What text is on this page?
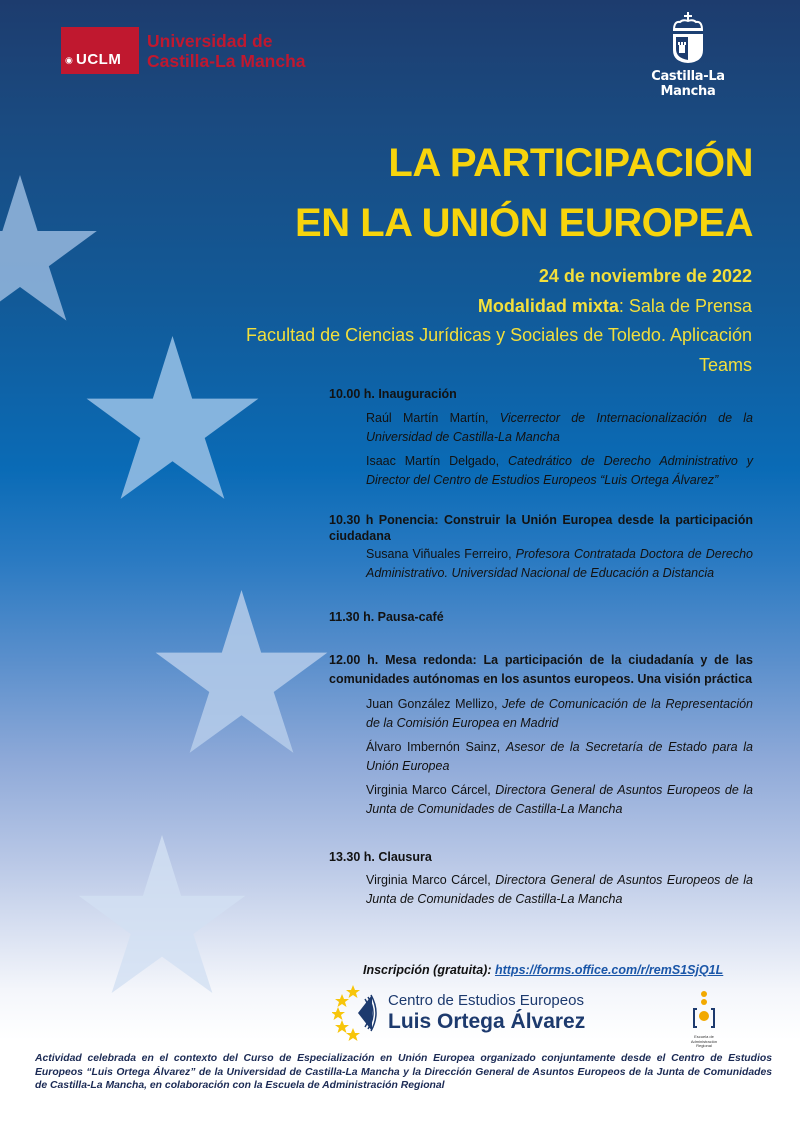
◉ UCLM
Universidad de
Castilla-La Mancha
Castilla-La Mancha
LA PARTICIPACIÓN
EN LA UNIÓN EUROPEA
24 de noviembre de 2022
Modalidad mixta: Sala de Prensa
Facultad de Ciencias Jurídicas y Sociales de Toledo. Aplicación
Teams
10.00 h. Inauguración
Raúl Martín Martín, Vicerrector de Internacionalización de la Universidad de Castilla-La Mancha
Isaac Martín Delgado, Catedrático de Derecho Administrativo y Director del Centro de Estudios Europeos “Luis Ortega Álvarez”
10.30 h Ponencia: Construir la Unión Europea desde la participación ciudadana
Susana Viñuales Ferreiro, Profesora Contratada Doctora de Derecho Administrativo. Universidad Nacional de Educación a Distancia
11.30 h. Pausa-café
12.00 h. Mesa redonda: La participación de la ciudadanía y de las comunidades autónomas en los asuntos europeos. Una visión práctica
Juan González Mellizo, Jefe de Comunicación de la Representación de la Comisión Europea en Madrid
Álvaro Imbernón Sainz, Asesor de la Secretaría de Estado para la Unión Europea
Virginia Marco Cárcel, Directora General de Asuntos Europeos de la Junta de Comunidades de Castilla-La Mancha
13.30 h. Clausura
Virginia Marco Cárcel, Directora General de Asuntos Europeos de la Junta de Comunidades de Castilla-La Mancha
Inscripción (gratuita): https://forms.office.com/r/remS1SjQ1L
Centro de Estudios Europeos
Luis Ortega Álvarez
Escuela de
Administración
Regional
Actividad celebrada en el contexto del Curso de Especialización en Unión Europea organizado conjuntamente desde el Centro de Estudios Europeos “Luis Ortega Álvarez” de la Universidad de Castilla-La Mancha y la Dirección General de Asuntos Europeos de la Junta de Comunidades de Castilla-La Mancha, en colaboración con la Escuela de Administración Regional
